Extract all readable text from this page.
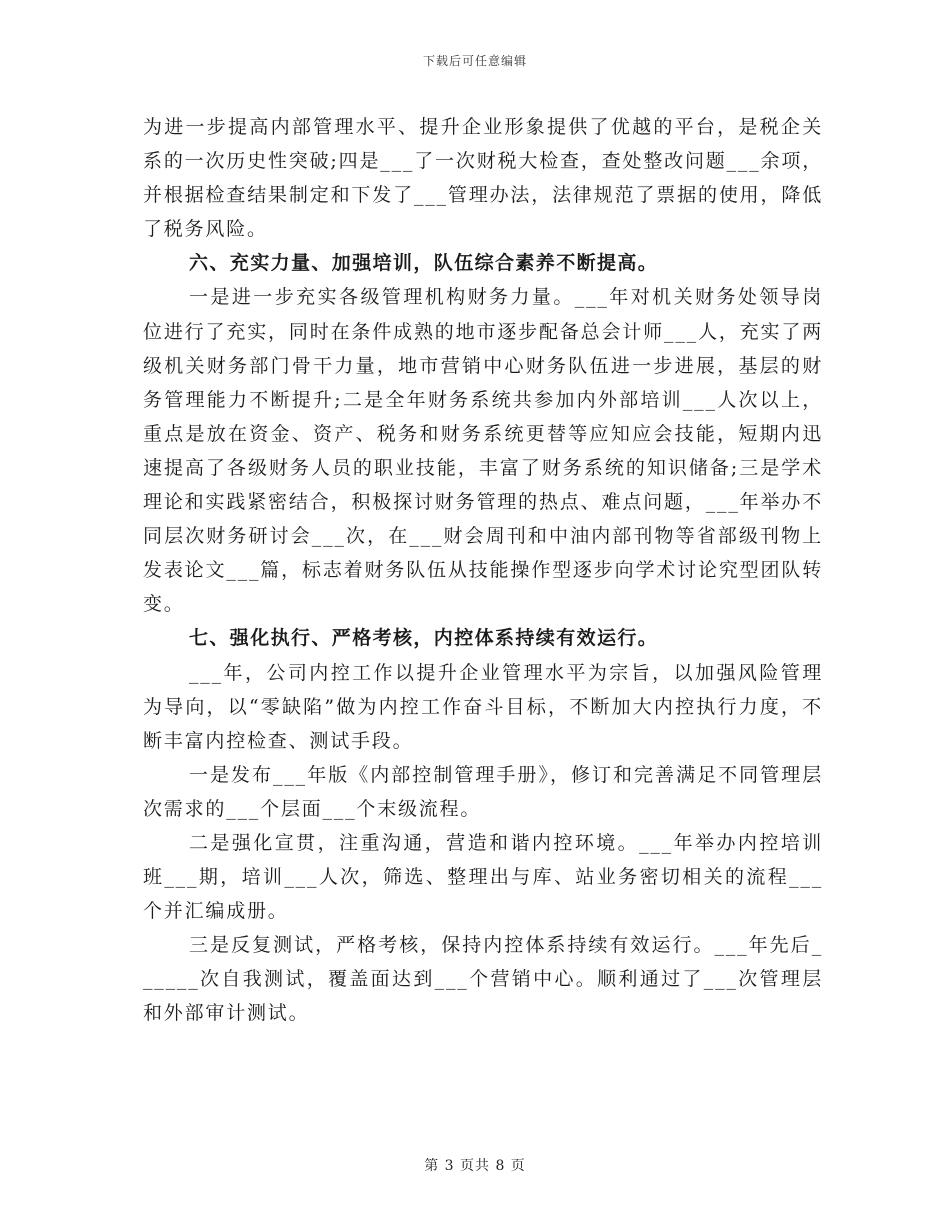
下载后可任意编辑

为进一步提高内部管理水平、提升企业形象提供了优越的平台，是税企关系的一次历史性突破;四是___了一次财税大检查，查处整改问题___余项，并根据检查结果制定和下发了___管理办法，法律规范了票据的使用，降低了税务风险。

六、充实力量、加强培训，队伍综合素养不断提高。

一是进一步充实各级管理机构财务力量。___年对机关财务处领导岗位进行了充实，同时在条件成熟的地市逐步配备总会计师___人，充实了两级机关财务部门骨干力量，地市营销中心财务队伍进一步进展，基层的财务管理能力不断提升;二是全年财务系统共参加内外部培训___人次以上，重点是放在资金、资产、税务和财务系统更替等应知应会技能，短期内迅速提高了各级财务人员的职业技能，丰富了财务系统的知识储备;三是学术理论和实践紧密结合，积极探讨财务管理的热点、难点问题，___年举办不同层次财务研讨会___次，在___财会周刊和中油内部刊物等省部级刊物上发表论文___篇，标志着财务队伍从技能操作型逐步向学术讨论究型团队转变。

七、强化执行、严格考核，内控体系持续有效运行。

___年，公司内控工作以提升企业管理水平为宗旨，以加强风险管理为导向，以“零缺陷”做为内控工作奋斗目标，不断加大内控执行力度，不断丰富内控检查、测试手段。

一是发布___年版《内部控制管理手册》，修订和完善满足不同管理层次需求的___个层面___个末级流程。

二是强化宣贯，注重沟通，营造和谐内控环境。___年举办内控培训班___期，培训___人次，筛选、整理出与库、站业务密切相关的流程___个并汇编成册。

三是反复测试，严格考核，保持内控体系持续有效运行。___年先后______次自我测试，覆盖面达到___个营销中心。顺利通过了___次管理层和外部审计测试。

第 3 页共 8 页
